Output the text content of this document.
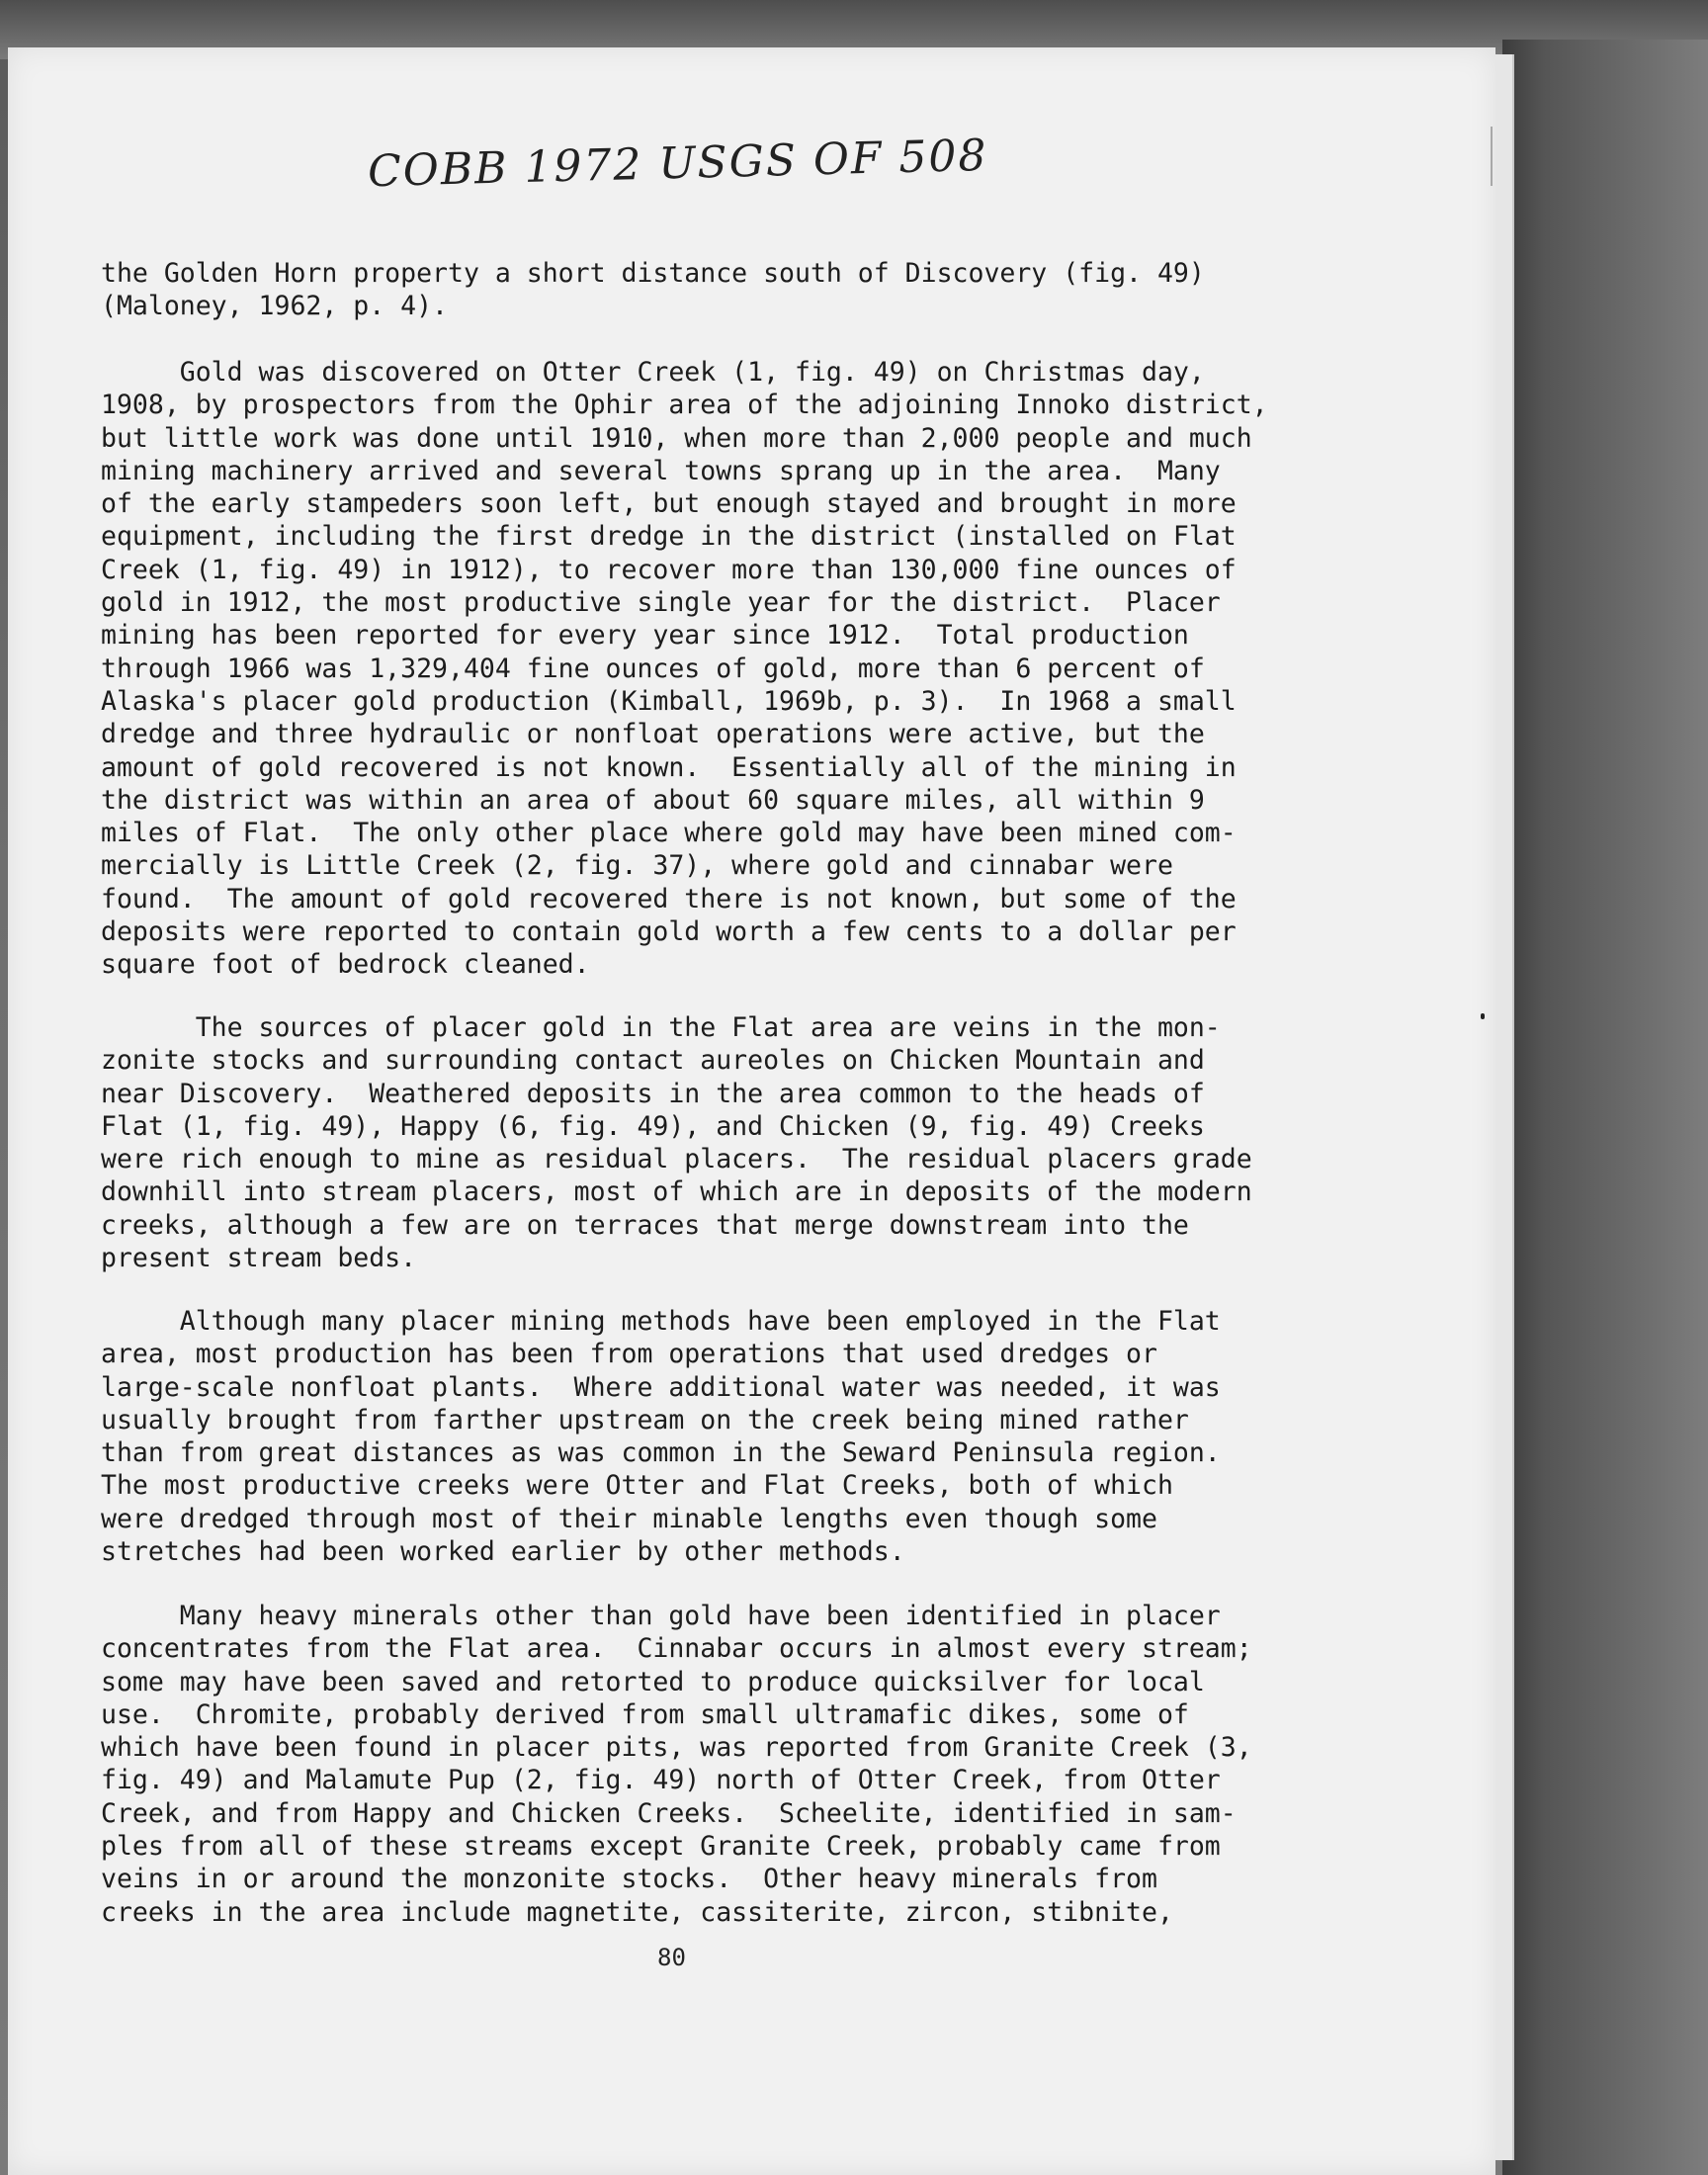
COBB 1972 USGS OF 508
the Golden Horn property a short distance south of Discovery (fig. 49)
(Maloney, 1962, p. 4).
Gold was discovered on Otter Creek (1, fig. 49) on Christmas day,
1908, by prospectors from the Ophir area of the adjoining Innoko district,
but little work was done until 1910, when more than 2,000 people and much
mining machinery arrived and several towns sprang up in the area.  Many
of the early stampeders soon left, but enough stayed and brought in more
equipment, including the first dredge in the district (installed on Flat
Creek (1, fig. 49) in 1912), to recover more than 130,000 fine ounces of
gold in 1912, the most productive single year for the district.  Placer
mining has been reported for every year since 1912.  Total production
through 1966 was 1,329,404 fine ounces of gold, more than 6 percent of
Alaska's placer gold production (Kimball, 1969b, p. 3).  In 1968 a small
dredge and three hydraulic or nonfloat operations were active, but the
amount of gold recovered is not known.  Essentially all of the mining in
the district was within an area of about 60 square miles, all within 9
miles of Flat.  The only other place where gold may have been mined com-
mercially is Little Creek (2, fig. 37), where gold and cinnabar were
found.  The amount of gold recovered there is not known, but some of the
deposits were reported to contain gold worth a few cents to a dollar per
square foot of bedrock cleaned.
The sources of placer gold in the Flat area are veins in the mon-
zonite stocks and surrounding contact aureoles on Chicken Mountain and
near Discovery.  Weathered deposits in the area common to the heads of
Flat (1, fig. 49), Happy (6, fig. 49), and Chicken (9, fig. 49) Creeks
were rich enough to mine as residual placers.  The residual placers grade
downhill into stream placers, most of which are in deposits of the modern
creeks, although a few are on terraces that merge downstream into the
present stream beds.
Although many placer mining methods have been employed in the Flat
area, most production has been from operations that used dredges or
large-scale nonfloat plants.  Where additional water was needed, it was
usually brought from farther upstream on the creek being mined rather
than from great distances as was common in the Seward Peninsula region.
The most productive creeks were Otter and Flat Creeks, both of which
were dredged through most of their minable lengths even though some
stretches had been worked earlier by other methods.
Many heavy minerals other than gold have been identified in placer
concentrates from the Flat area.  Cinnabar occurs in almost every stream;
some may have been saved and retorted to produce quicksilver for local
use.  Chromite, probably derived from small ultramafic dikes, some of
which have been found in placer pits, was reported from Granite Creek (3,
fig. 49) and Malamute Pup (2, fig. 49) north of Otter Creek, from Otter
Creek, and from Happy and Chicken Creeks.  Scheelite, identified in sam-
ples from all of these streams except Granite Creek, probably came from
veins in or around the monzonite stocks.  Other heavy minerals from
creeks in the area include magnetite, cassiterite, zircon, stibnite,
80
